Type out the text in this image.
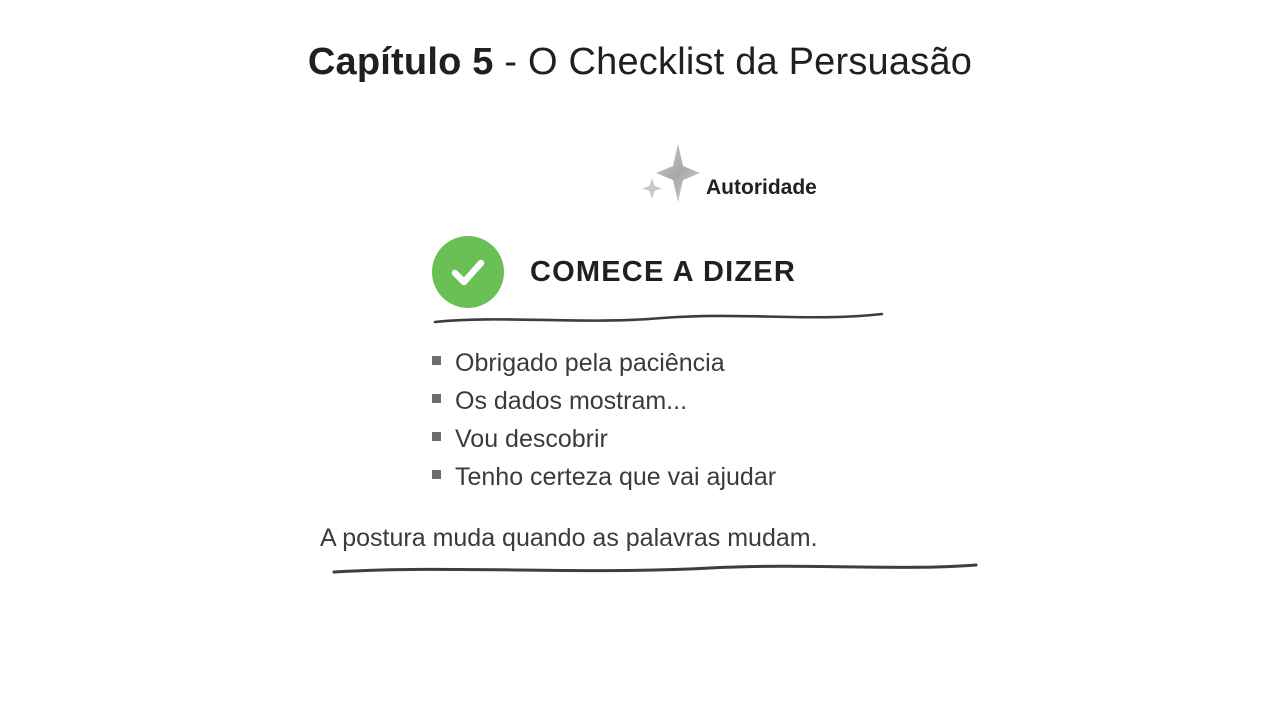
Capítulo 5 - O Checklist da Persuasão
Autoridade
COMECE A DIZER
Obrigado pela paciência
Os dados mostram...
Vou descobrir
Tenho certeza que vai ajudar
A postura muda quando as palavras mudam.
